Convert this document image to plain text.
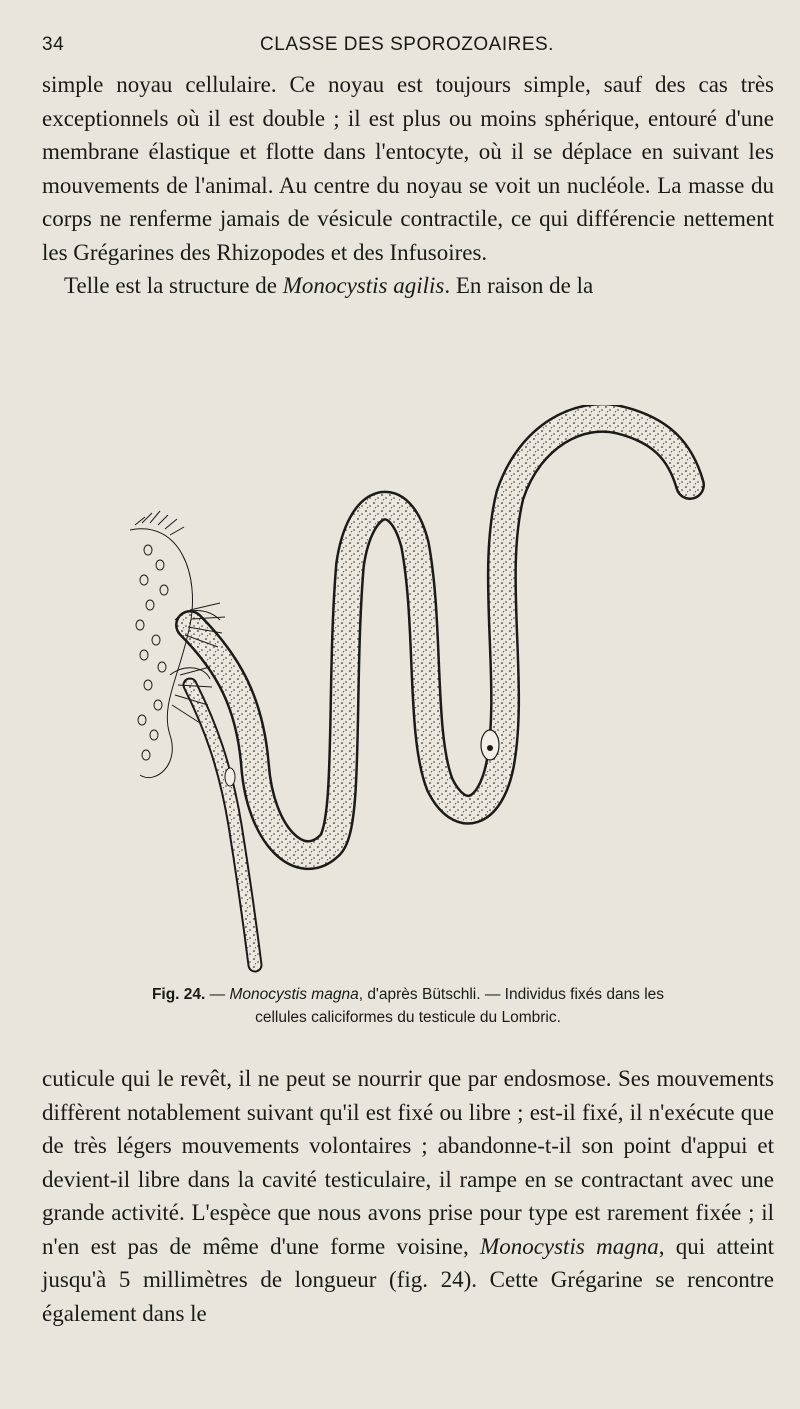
34	CLASSE DES SPOROZOAIRES.

simple noyau cellulaire. Ce noyau est toujours simple, sauf des cas très exceptionnels où il est double ; il est plus ou moins sphérique, entouré d'une membrane élastique et flotte dans l'entocyte, où il se déplace en suivant les mouvements de l'animal. Au centre du noyau se voit un nucléole. La masse du corps ne renferme jamais de vésicule contractile, ce qui différencie nettement les Grégarines des Rhizopodes et des Infusoires.

Telle est la structure de Monocystis agilis. En raison de la

Fig. 24. — Monocystis magna, d'après Bütschli. — Individus fixés dans les
cellules caliciformes du testicule du Lombric.

cuticule qui le revêt, il ne peut se nourrir que par endosmose. Ses mouvements diffèrent notablement suivant qu'il est fixé ou libre ; est-il fixé, il n'exécute que de très légers mouvements volontaires ; abandonne-t-il son point d'appui et devient-il libre dans la cavité testiculaire, il rampe en se contractant avec une grande activité. L'espèce que nous avons prise pour type est rarement fixée ; il n'en est pas de même d'une forme voisine, Monocystis magna, qui atteint jusqu'à 5 millimètres de longueur (fig. 24). Cette Grégarine se rencontre également dans le
